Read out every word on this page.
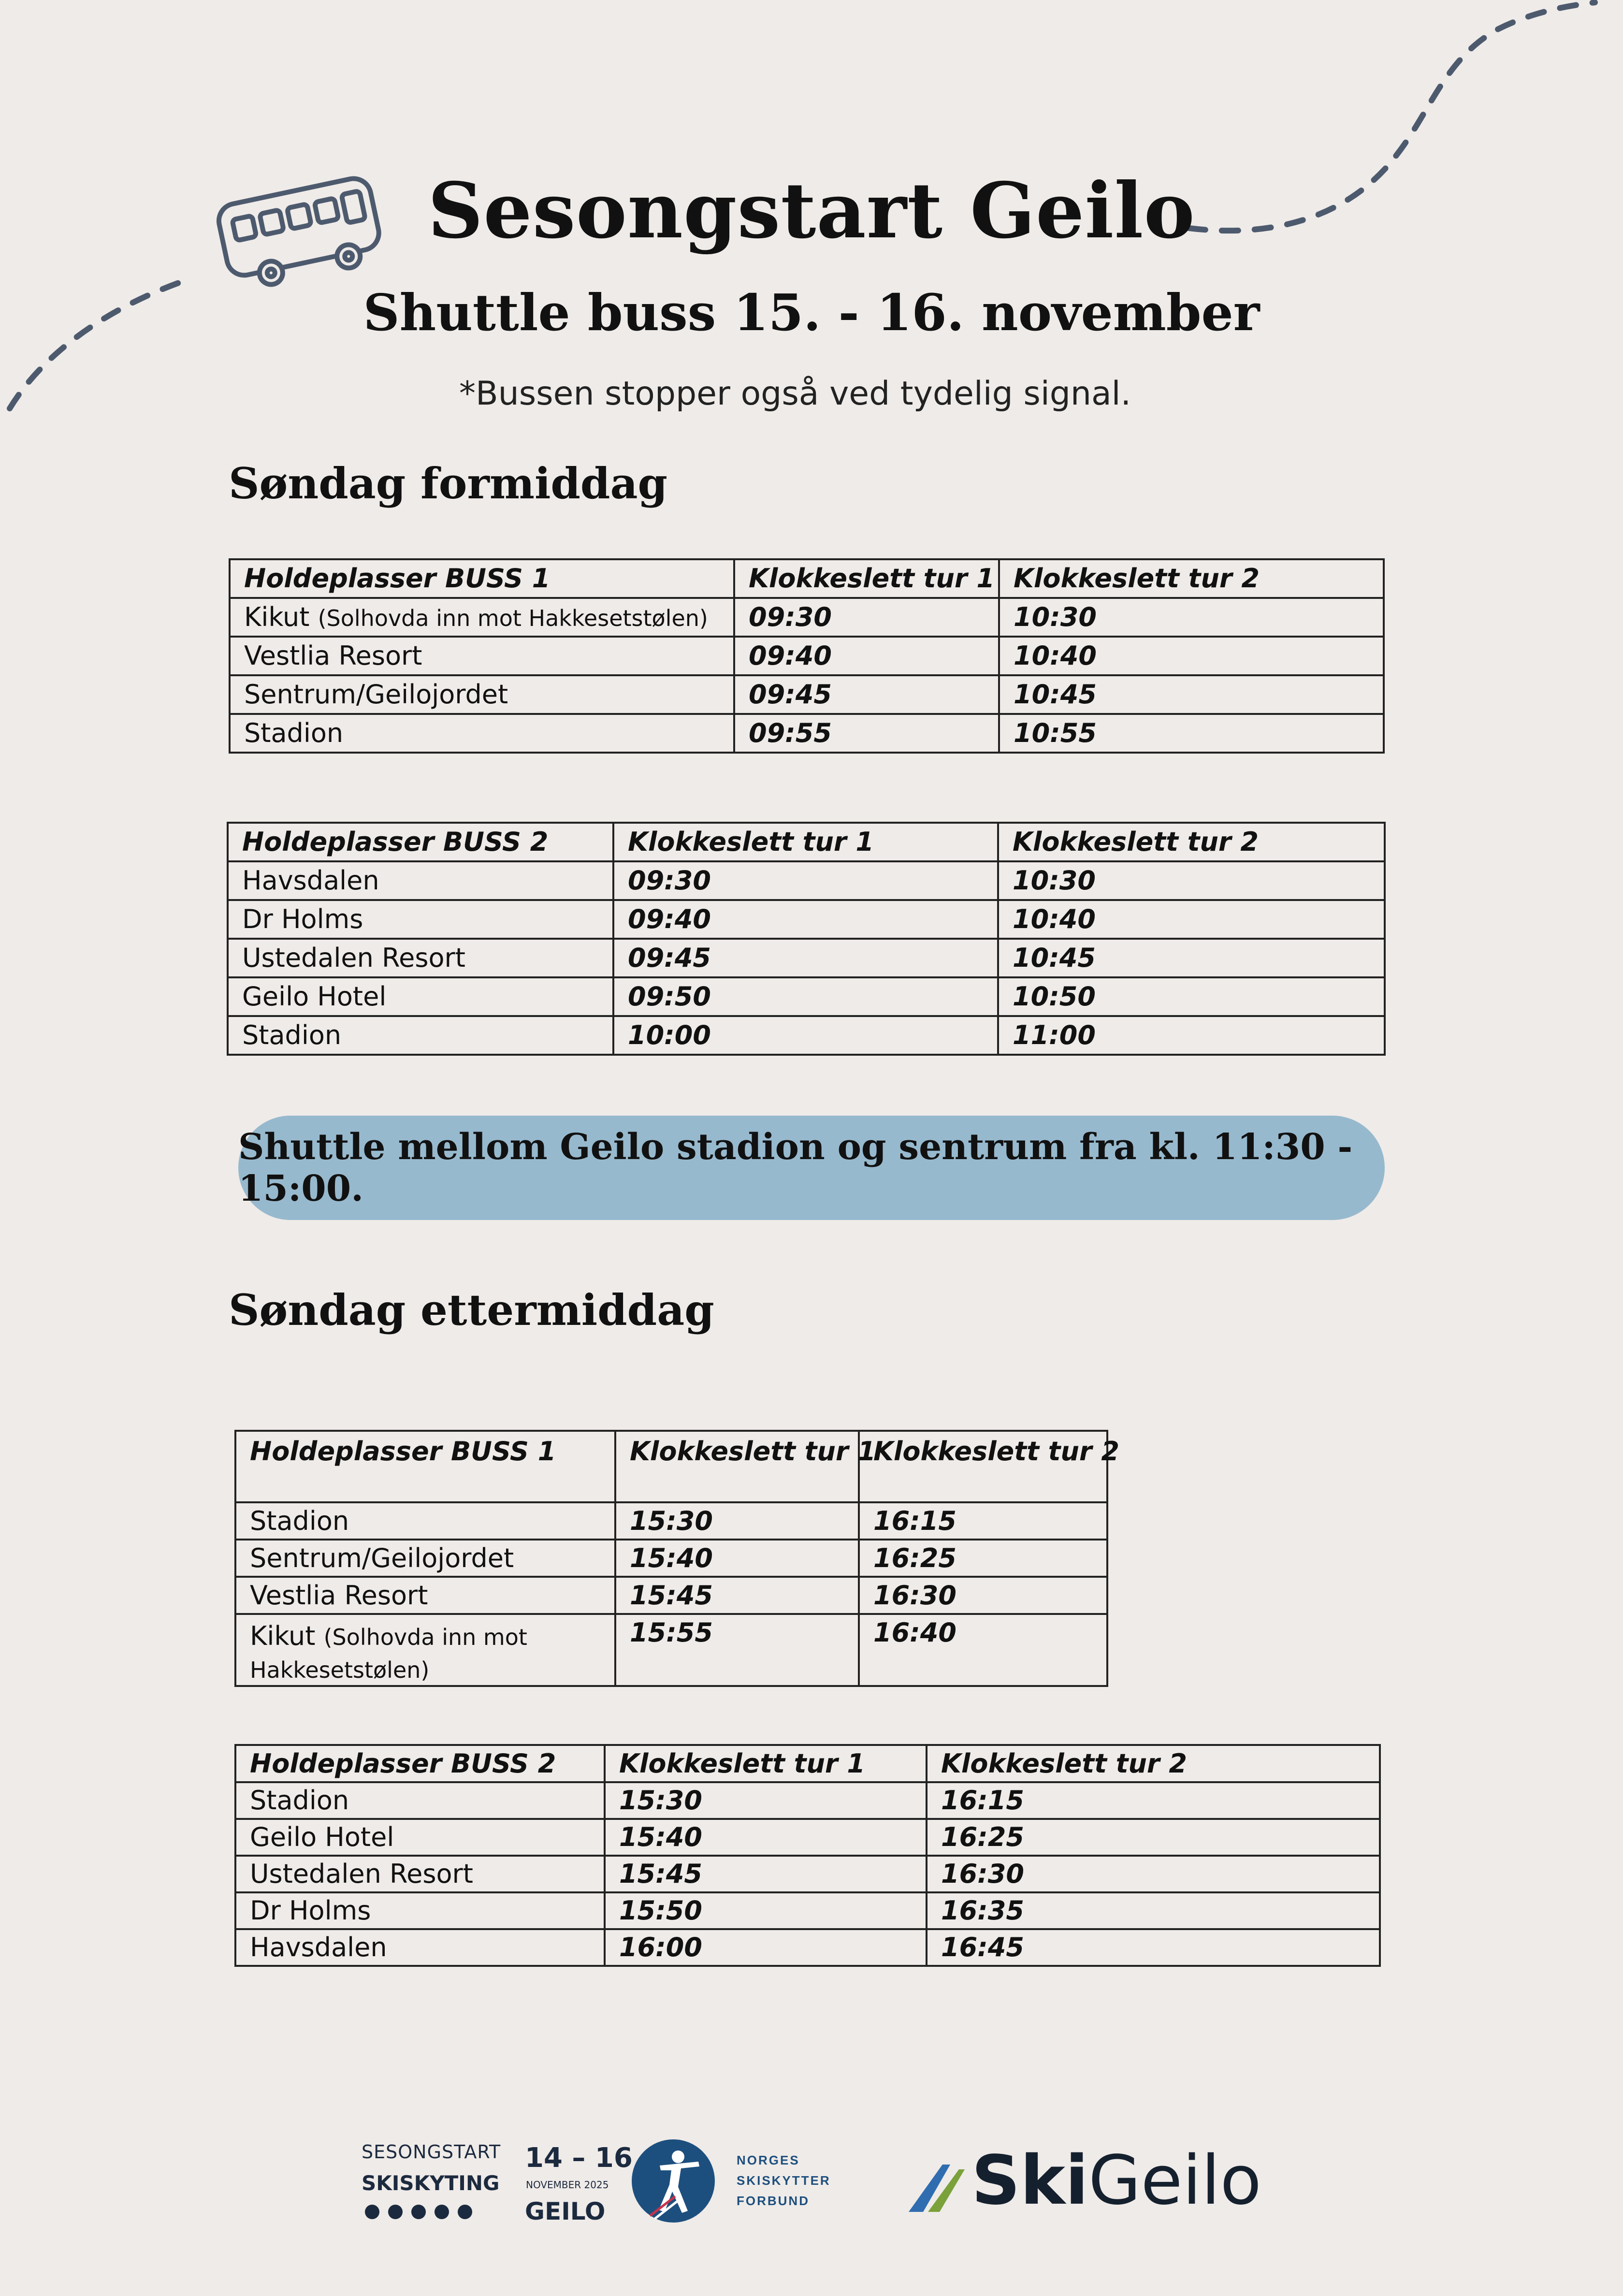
Sesongstart Geilo
Shuttle buss 15. - 16. november
*Bussen stopper også ved tydelig signal.
Søndag formiddag
Holdeplasser BUSS 1	Klokkeslett tur 1	Klokkeslett tur 2
Kikut (Solhovda inn mot Hakkesetstølen)	09:30	10:30
Vestlia Resort	09:40	10:40
Sentrum/Geilojordet	09:45	10:45
Stadion	09:55	10:55
Holdeplasser BUSS 2	Klokkeslett tur 1	Klokkeslett tur 2
Havsdalen	09:30	10:30
Dr Holms	09:40	10:40
Ustedalen Resort	09:45	10:45
Geilo Hotel	09:50	10:50
Stadion	10:00	11:00
Shuttle mellom Geilo stadion og sentrum fra kl. 11:30 - 15:00.
Søndag ettermiddag
Holdeplasser BUSS 1	Klokkeslett tur 1	Klokkeslett tur 2
Stadion	15:30	16:15
Sentrum/Geilojordet	15:40	16:25
Vestlia Resort	15:45	16:30
Kikut (Solhovda inn mot
Hakkesetstølen)	15:55	16:40
Holdeplasser BUSS 2	Klokkeslett tur 1	Klokkeslett tur 2
Stadion	15:30	16:15
Geilo Hotel	15:40	16:25
Ustedalen Resort	15:45	16:30
Dr Holms	15:50	16:35
Havsdalen	16:00	16:45
SESONGSTART
SKISKYTING
14 – 16
NOVEMBER 2025
GEILO
NORGES
SKISKYTTER
FORBUND SkiGeilo
